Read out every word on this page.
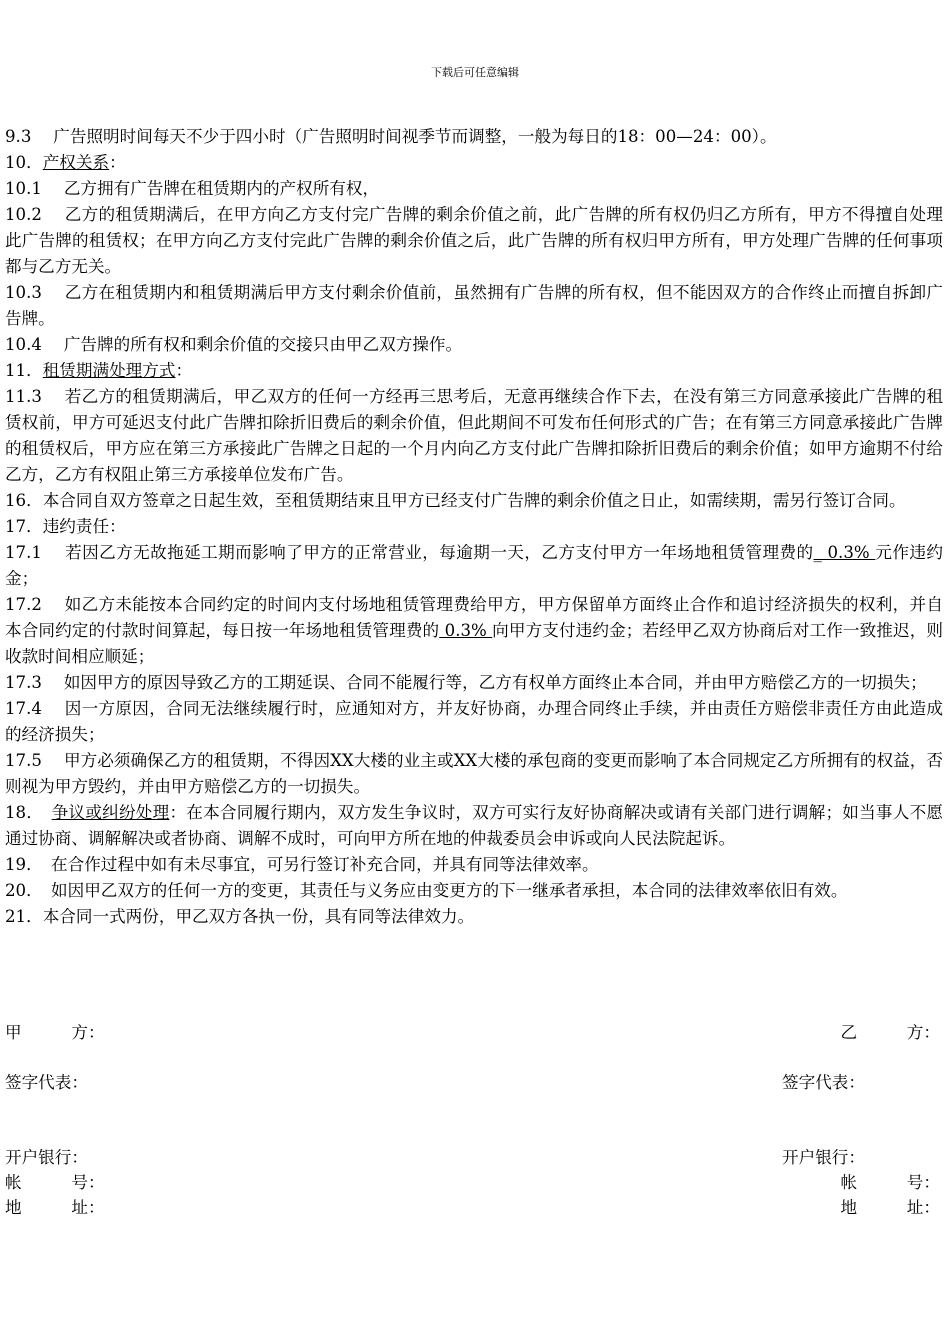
下载后可任意编辑

9.3　 广告照明时间每天不少于四小时（广告照明时间视季节而调整，一般为每日的18：00—24：00）。

10．产权关系：

10.1　 乙方拥有广告牌在租赁期内的产权所有权，

10.2　 乙方的租赁期满后，在甲方向乙方支付完广告牌的剩余价值之前，此广告牌的所有权仍归乙方所有，甲方不得擅自处理此广告牌的租赁权；在甲方向乙方支付完此广告牌的剩余价值之后，此广告牌的所有权归甲方所有，甲方处理广告牌的任何事项都与乙方无关。

10.3　 乙方在租赁期内和租赁期满后甲方支付剩余价值前，虽然拥有广告牌的所有权，但不能因双方的合作终止而擅自拆卸广告牌。

10.4　 广告牌的所有权和剩余价值的交接只由甲乙双方操作。

11．租赁期满处理方式：

11.3　 若乙方的租赁期满后，甲乙双方的任何一方经再三思考后，无意再继续合作下去，在没有第三方同意承接此广告牌的租赁权前，甲方可延迟支付此广告牌扣除折旧费后的剩余价值，但此期间不可发布任何形式的广告；在有第三方同意承接此广告牌的租赁权后，甲方应在第三方承接此广告牌之日起的一个月内向乙方支付此广告牌扣除折旧费后的剩余价值；如甲方逾期不付给乙方，乙方有权阻止第三方承接单位发布广告。

16．本合同自双方签章之日起生效，至租赁期结束且甲方已经支付广告牌的剩余价值之日止，如需续期，需另行签订合同。

17．违约责任：

17.1　 若因乙方无故拖延工期而影响了甲方的正常营业，每逾期一天，乙方支付甲方一年场地租赁管理费的_ 0.3% 元作违约金；

17.2　 如乙方未能按本合同约定的时间内支付场地租赁管理费给甲方，甲方保留单方面终止合作和追讨经济损失的权利，并自本合同约定的付款时间算起，每日按一年场地租赁管理费的 0.3% 向甲方支付违约金；若经甲乙双方协商后对工作一致推迟，则收款时间相应顺延；

17.3　 如因甲方的原因导致乙方的工期延误、合同不能履行等，乙方有权单方面终止本合同，并由甲方赔偿乙方的一切损失；

17.4　 因一方原因，合同无法继续履行时，应通知对方，并友好协商，办理合同终止手续，并由责任方赔偿非责任方由此造成的经济损失；

17.5　 甲方必须确保乙方的租赁期，不得因XX大楼的业主或XX大楼的承包商的变更而影响了本合同规定乙方所拥有的权益，否则视为甲方毁约，并由甲方赔偿乙方的一切损失。

18．　争议或纠纷处理：在本合同履行期内，双方发生争议时，双方可实行友好协商解决或请有关部门进行调解；如当事人不愿通过协商、调解解决或者协商、调解不成时，可向甲方所在地的仲裁委员会申诉或向人民法院起诉。

19．　在合作过程中如有未尽事宜，可另行签订补充合同，并具有同等法律效率。

20．　如因甲乙双方的任何一方的变更，其责任与义务应由变更方的下一继承者承担，本合同的法律效率依旧有效。

21．本合同一式两份，甲乙双方各执一份，具有同等法律效力。

甲　　　方：	乙　　　方：
签字代表：	签字代表：
开户银行：	开户银行：
帐　　　号：	帐　　　号：
地　　　址：	地　　　址：
